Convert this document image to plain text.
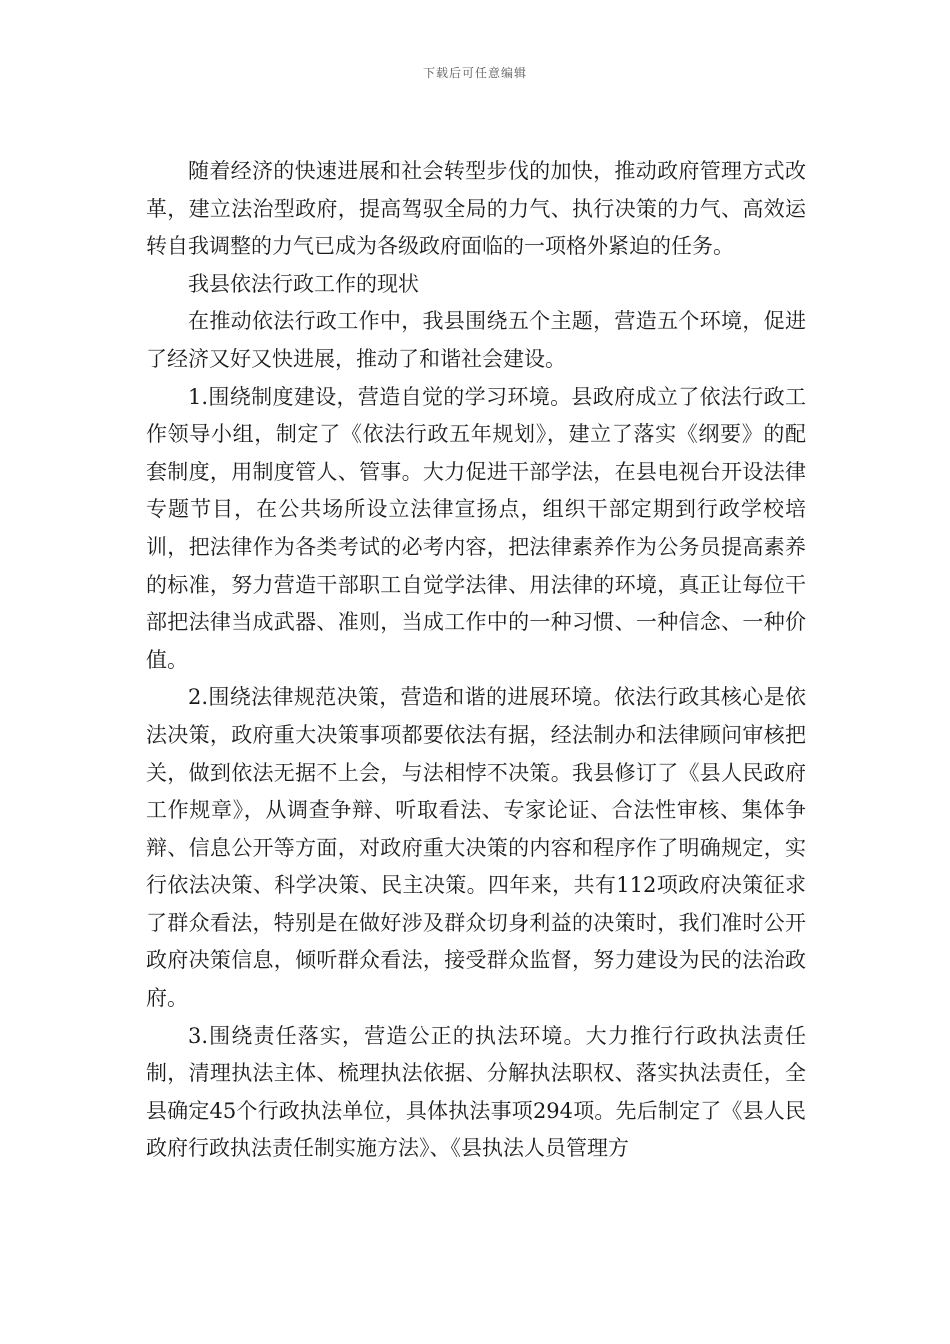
下载后可任意编辑

随着经济的快速进展和社会转型步伐的加快，推动政府管理方式改革，建立法治型政府，提高驾驭全局的力气、执行决策的力气、高效运转自我调整的力气已成为各级政府面临的一项格外紧迫的任务。

我县依法行政工作的现状

在推动依法行政工作中，我县围绕五个主题，营造五个环境，促进了经济又好又快进展，推动了和谐社会建设。

1.围绕制度建设，营造自觉的学习环境。县政府成立了依法行政工作领导小组，制定了《依法行政五年规划》，建立了落实《纲要》的配套制度，用制度管人、管事。大力促进干部学法，在县电视台开设法律专题节目，在公共场所设立法律宣扬点，组织干部定期到行政学校培训，把法律作为各类考试的必考内容，把法律素养作为公务员提高素养的标准，努力营造干部职工自觉学法律、用法律的环境，真正让每位干部把法律当成武器、准则，当成工作中的一种习惯、一种信念、一种价值。

2.围绕法律规范决策，营造和谐的进展环境。依法行政其核心是依法决策，政府重大决策事项都要依法有据，经法制办和法律顾问审核把关，做到依法无据不上会，与法相悖不决策。我县修订了《县人民政府工作规章》，从调查争辩、听取看法、专家论证、合法性审核、集体争辩、信息公开等方面，对政府重大决策的内容和程序作了明确规定，实行依法决策、科学决策、民主决策。四年来，共有112项政府决策征求了群众看法，特别是在做好涉及群众切身利益的决策时，我们准时公开政府决策信息，倾听群众看法，接受群众监督，努力建设为民的法治政府。

3.围绕责任落实，营造公正的执法环境。大力推行行政执法责任制，清理执法主体、梳理执法依据、分解执法职权、落实执法责任，全县确定45个行政执法单位，具体执法事项294项。先后制定了《县人民政府行政执法责任制实施方法》、《县执法人员管理方
